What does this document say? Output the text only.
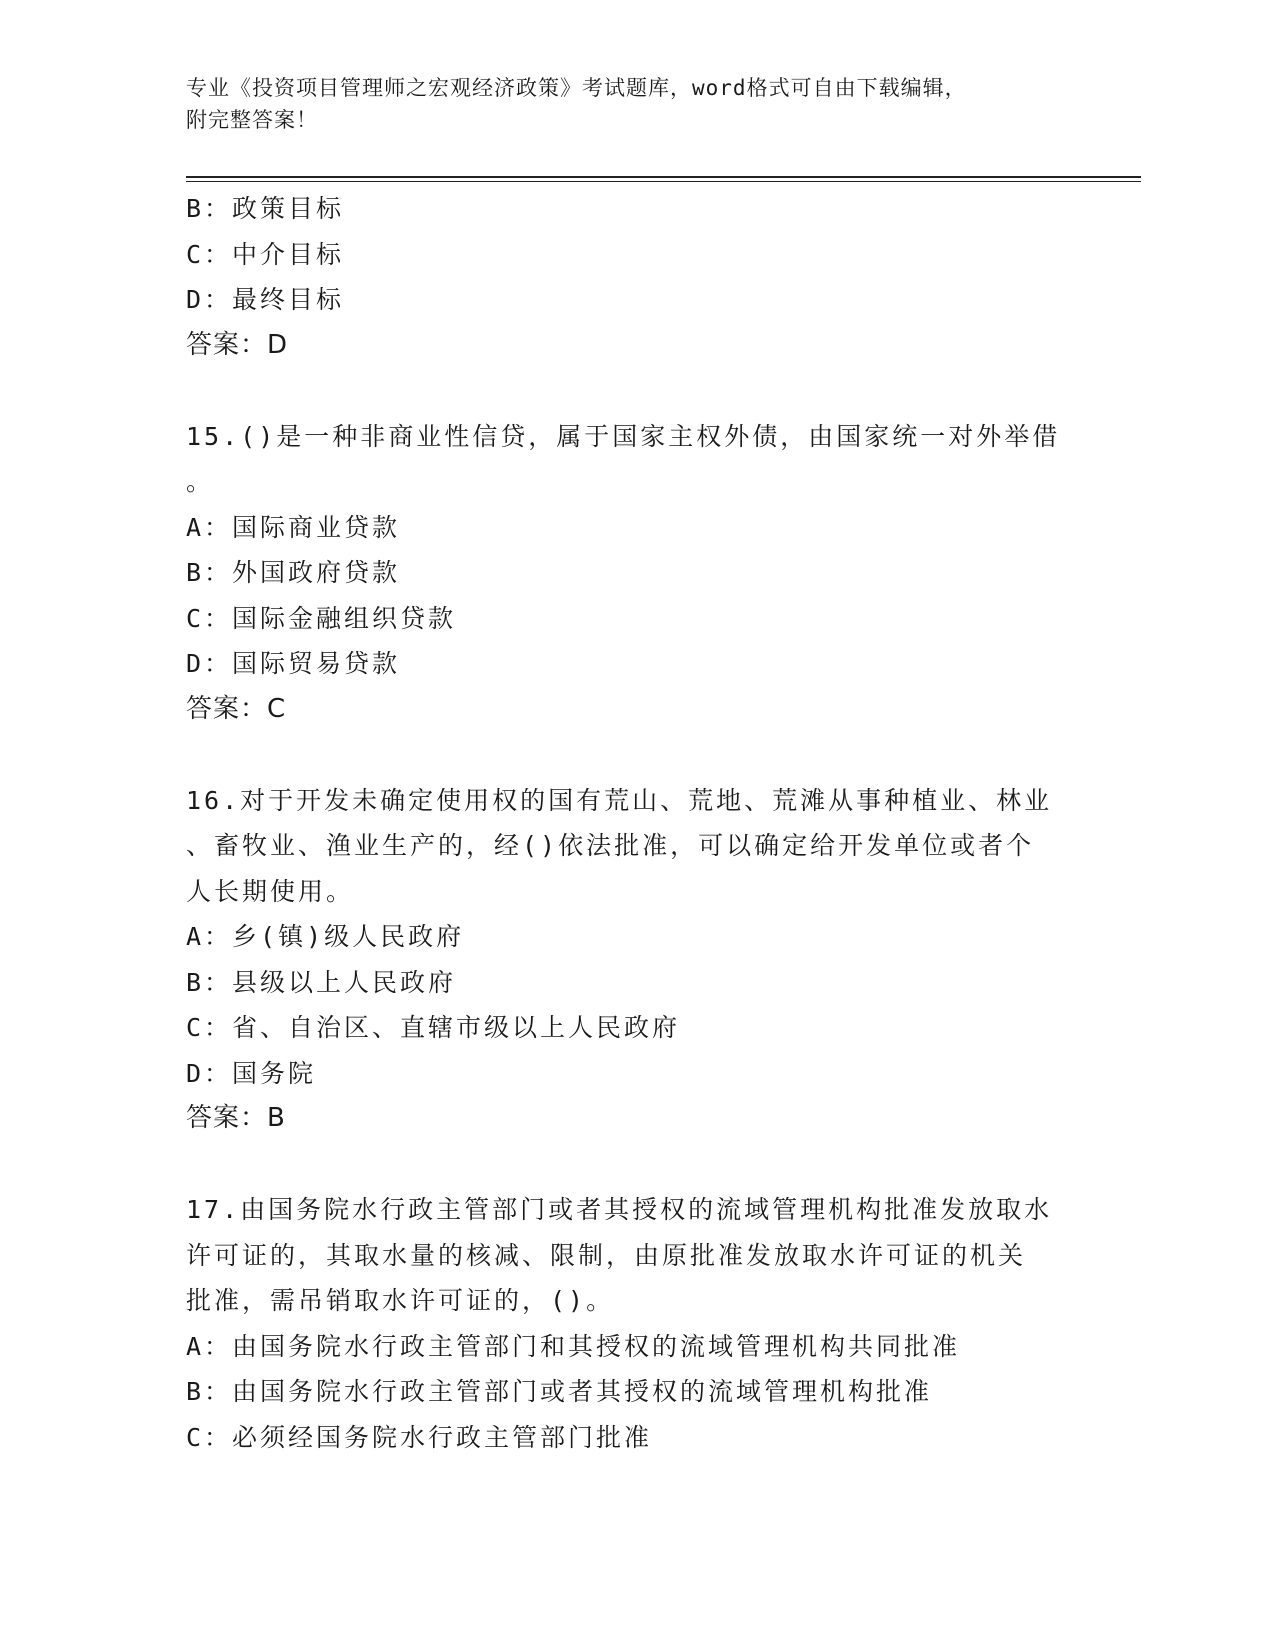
专业《投资项目管理师之宏观经济政策》考试题库，word格式可自由下载编辑，
附完整答案！
B：政策目标
C：中介目标
D：最终目标
答案：D
15.()是一种非商业性信贷，属于国家主权外债，由国家统一对外举借
。
A：国际商业贷款
B：外国政府贷款
C：国际金融组织贷款
D：国际贸易贷款
答案：C
16.对于开发未确定使用权的国有荒山、荒地、荒滩从事种植业、林业
、畜牧业、渔业生产的，经()依法批准，可以确定给开发单位或者个
人长期使用。
A：乡(镇)级人民政府
B：县级以上人民政府
C：省、自治区、直辖市级以上人民政府
D：国务院
答案：B
17.由国务院水行政主管部门或者其授权的流域管理机构批准发放取水
许可证的，其取水量的核减、限制，由原批准发放取水许可证的机关
批准，需吊销取水许可证的，()。
A：由国务院水行政主管部门和其授权的流域管理机构共同批准
B：由国务院水行政主管部门或者其授权的流域管理机构批准
C：必须经国务院水行政主管部门批准
